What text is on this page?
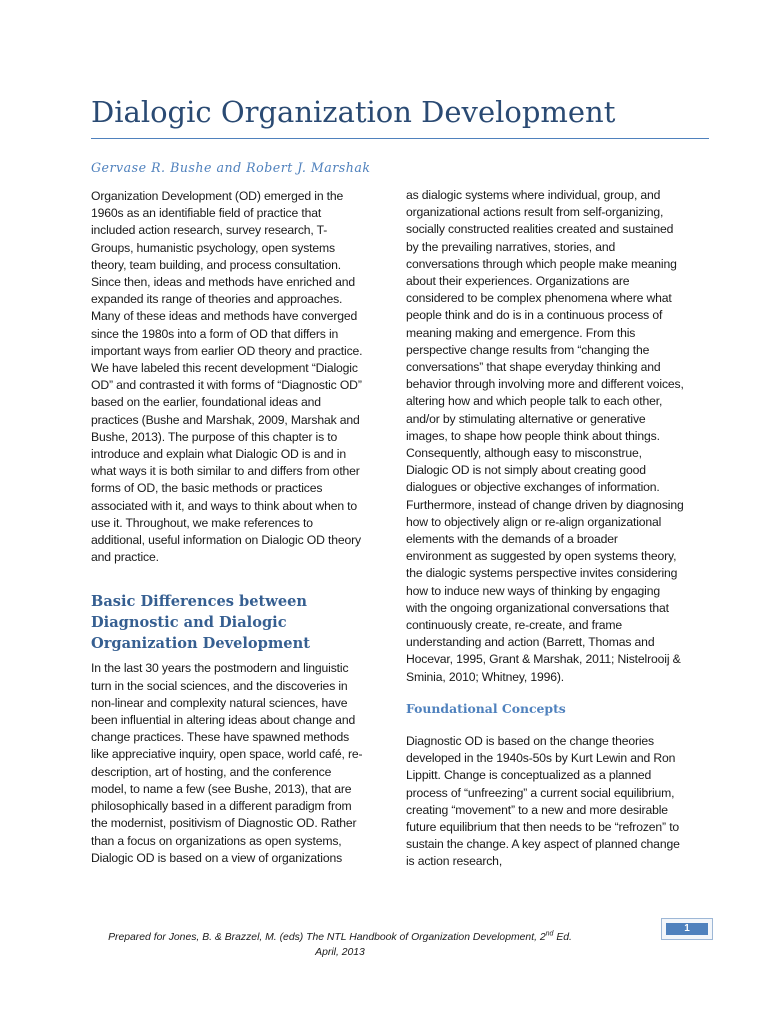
Dialogic Organization Development

Gervase R. Bushe and Robert J. Marshak

Organization Development (OD) emerged in the 1960s as an identifiable field of practice that included action research, survey research, T-Groups, humanistic psychology, open systems theory, team building, and process consultation. Since then, ideas and methods have enriched and expanded its range of theories and approaches. Many of these ideas and methods have converged since the 1980s into a form of OD that differs in important ways from earlier OD theory and practice. We have labeled this recent development “Dialogic OD” and contrasted it with forms of “Diagnostic OD” based on the earlier, foundational ideas and practices (Bushe and Marshak, 2009, Marshak and Bushe, 2013). The purpose of this chapter is to introduce and explain what Dialogic OD is and in what ways it is both similar to and differs from other forms of OD, the basic methods or practices associated with it, and ways to think about when to use it. Throughout, we make references to additional, useful information on Dialogic OD theory and practice.

Basic Differences between Diagnostic and Dialogic Organization Development

In the last 30 years the postmodern and linguistic turn in the social sciences, and the discoveries in non-linear and complexity natural sciences, have been influential in altering ideas about change and change practices. These have spawned methods like appreciative inquiry, open space, world café, re-description, art of hosting, and the conference model, to name a few (see Bushe, 2013), that are philosophically based in a different paradigm from the modernist, positivism of Diagnostic OD. Rather than a focus on organizations as open systems, Dialogic OD is based on a view of organizations

as dialogic systems where individual, group, and organizational actions result from self-organizing, socially constructed realities created and sustained by the prevailing narratives, stories, and conversations through which people make meaning about their experiences. Organizations are considered to be complex phenomena where what people think and do is in a continuous process of meaning making and emergence. From this perspective change results from “changing the conversations” that shape everyday thinking and behavior through involving more and different voices, altering how and which people talk to each other, and/or by stimulating alternative or generative images, to shape how people think about things. Consequently, although easy to misconstrue, Dialogic OD is not simply about creating good dialogues or objective exchanges of information. Furthermore, instead of change driven by diagnosing how to objectively align or re-align organizational elements with the demands of a broader environment as suggested by open systems theory, the dialogic systems perspective invites considering how to induce new ways of thinking by engaging with the ongoing organizational conversations that continuously create, re-create, and frame understanding and action (Barrett, Thomas and Hocevar, 1995, Grant & Marshak, 2011; Nistelrooij & Sminia, 2010; Whitney, 1996).

Foundational Concepts

Diagnostic OD is based on the change theories developed in the 1940s-50s by Kurt Lewin and Ron Lippitt. Change is conceptualized as a planned process of “unfreezing” a current social equilibrium, creating “movement” to a new and more desirable future equilibrium that then needs to be “refrozen” to sustain the change. A key aspect of planned change is action research,

1
Prepared for Jones, B. & Brazzel, M. (eds) The NTL Handbook of Organization Development, 2nd Ed.
April, 2013
